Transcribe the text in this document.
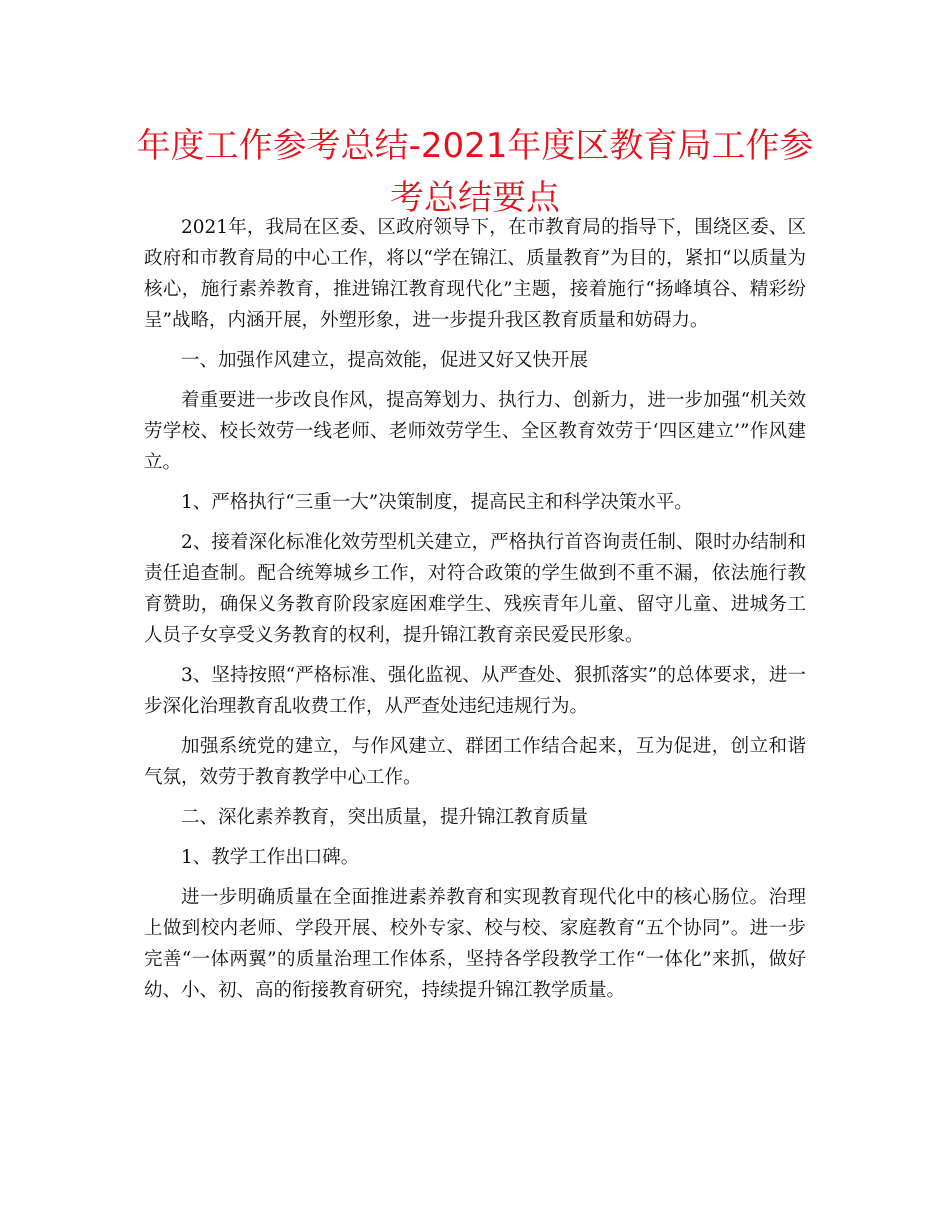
年度工作参考总结-2021年度区教育局工作参考总结要点

2021年，我局在区委、区政府领导下，在市教育局的指导下，围绕区委、区政府和市教育局的中心工作，将以“学在锦江、质量教育”为目的，紧扣“以质量为核心，施行素养教育，推进锦江教育现代化”主题，接着施行“扬峰填谷、精彩纷呈”战略，内涵开展，外塑形象，进一步提升我区教育质量和妨碍力。

一、加强作风建立，提高效能，促进又好又快开展

着重要进一步改良作风，提高筹划力、执行力、创新力，进一步加强“机关效劳学校、校长效劳一线老师、老师效劳学生、全区教育效劳于‘四区建立’”作风建立。

1、严格执行“三重一大”决策制度，提高民主和科学决策水平。

2、接着深化标准化效劳型机关建立，严格执行首咨询责任制、限时办结制和责任追查制。配合统筹城乡工作，对符合政策的学生做到不重不漏，依法施行教育赞助，确保义务教育阶段家庭困难学生、残疾青年儿童、留守儿童、进城务工人员子女享受义务教育的权利，提升锦江教育亲民爱民形象。

3、坚持按照“严格标准、强化监视、从严查处、狠抓落实”的总体要求，进一步深化治理教育乱收费工作，从严查处违纪违规行为。

加强系统党的建立，与作风建立、群团工作结合起来，互为促进，创立和谐气氛，效劳于教育教学中心工作。

二、深化素养教育，突出质量，提升锦江教育质量

1、教学工作出口碑。

进一步明确质量在全面推进素养教育和实现教育现代化中的核心肠位。治理上做到校内老师、学段开展、校外专家、校与校、家庭教育“五个协同”。进一步完善“一体两翼”的质量治理工作体系，坚持各学段教学工作“一体化”来抓，做好幼、小、初、高的衔接教育研究，持续提升锦江教学质量。
